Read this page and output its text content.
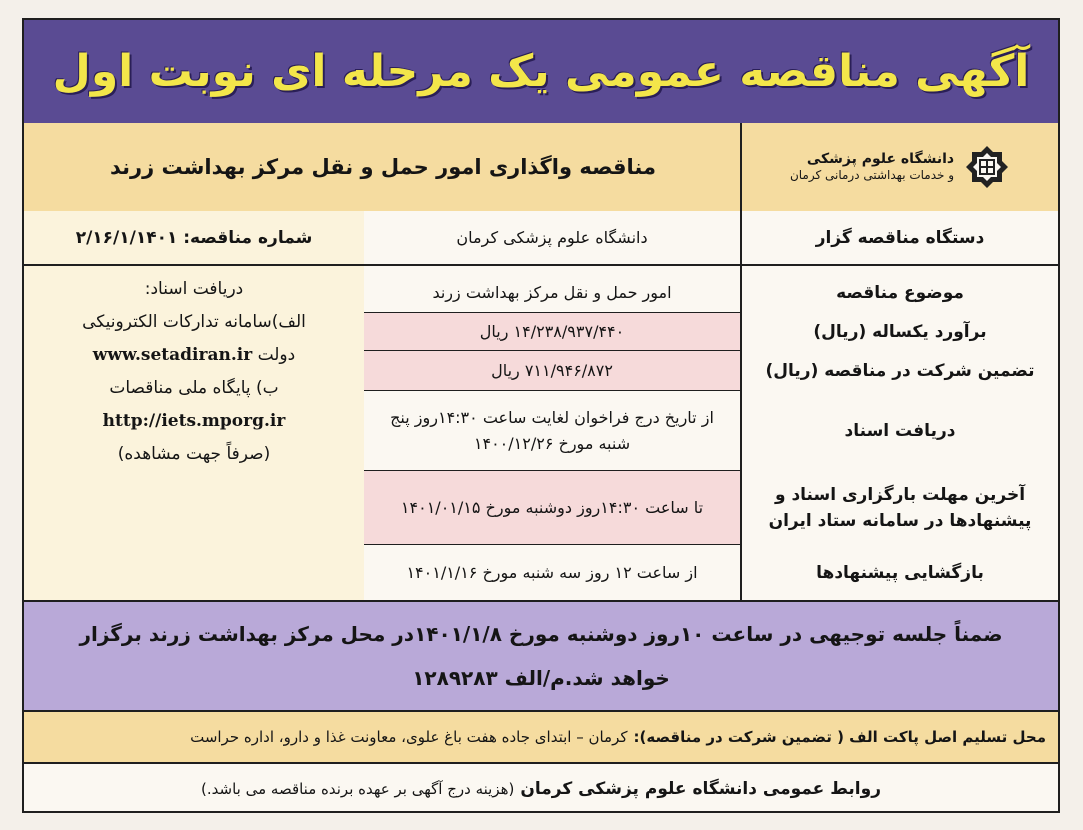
آگهی مناقصه عمومی یک مرحله ای نوبت اول
دانشگاه علوم پزشکی
و خدمات بهداشتی درمانی کرمان
مناقصه واگذاری امور حمل و نقل مرکز بهداشت زرند
دستگاه مناقصه گزار
موضوع مناقصه
برآورد یکساله (ریال)
تضمین شرکت در مناقصه (ریال)
دریافت اسناد
آخرین مهلت بارگزاری اسناد و پیشنهادها در سامانه ستاد ایران
بازگشایی پیشنهادها
دانشگاه علوم پزشکی کرمان
امور حمل و نقل مرکز بهداشت زرند
۱۴/۲۳۸/۹۳۷/۴۴۰ ریال
۷۱۱/۹۴۶/۸۷۲ ریال
از تاریخ درج فراخوان لغایت ساعت ۱۴:۳۰روز پنج شنبه مورخ ۱۴۰۰/۱۲/۲۶
تا ساعت ۱۴:۳۰روز دوشنبه مورخ ۱۴۰۱/۰۱/۱۵
از ساعت ۱۲ روز سه شنبه مورخ ۱۴۰۱/۱/۱۶
شماره مناقصه: ۲/۱۶/۱/۱۴۰۱
دریافت اسناد:
الف)سامانه تدارکات الکترونیکی
دولت www.setadiran.ir
ب) پایگاه ملی مناقصات
http://iets.mporg.ir
(صرفاً جهت مشاهده)
ضمناً جلسه توجیهی در ساعت ۱۰روز دوشنبه مورخ ۱۴۰۱/۱/۸در محل مرکز بهداشت زرند برگزار
خواهد شد.م/الف ۱۲۸۹۲۸۳
محل تسلیم اصل پاکت الف ( تضمین شرکت در مناقصه):
کرمان – ابتدای جاده هفت باغ علوی، معاونت غذا و دارو، اداره حراست
روابط عمومی دانشگاه علوم پزشکی کرمان
(هزینه درج آگهی بر عهده برنده مناقصه می باشد.)
